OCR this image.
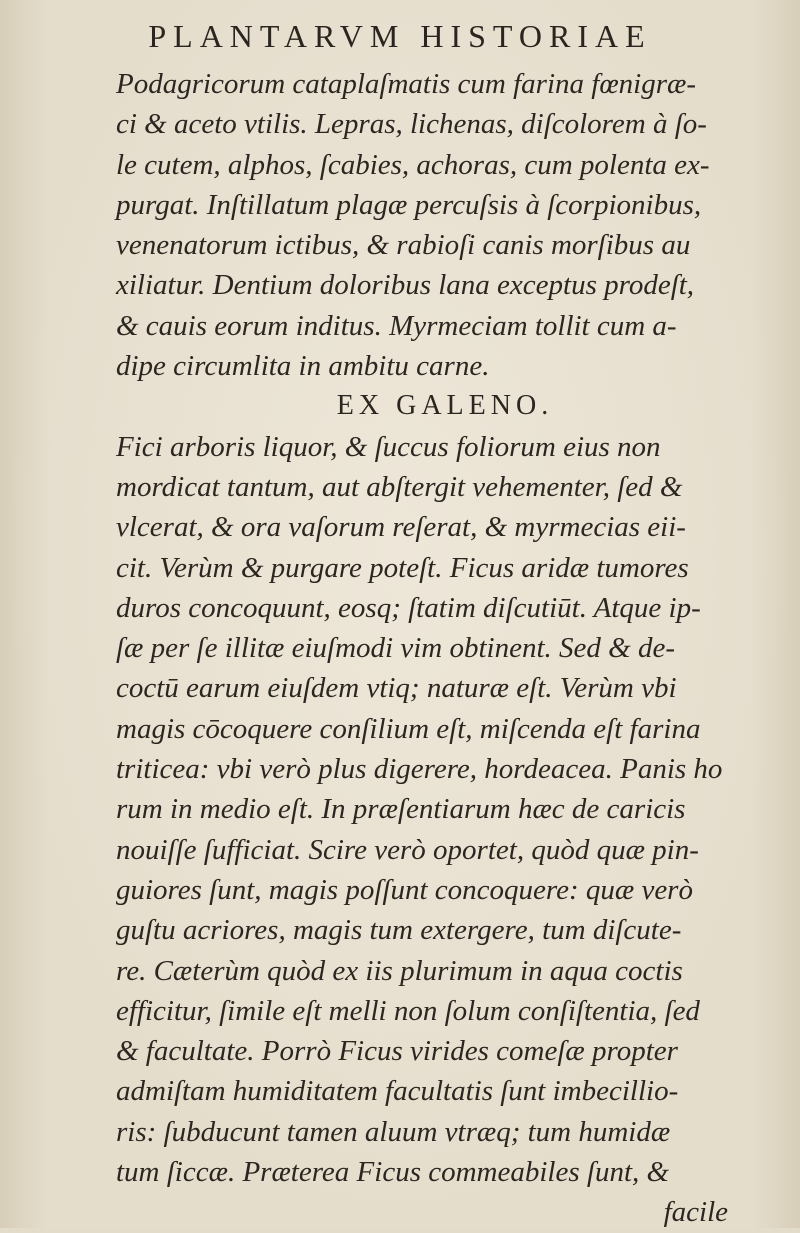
PLANTARVM HISTORIAE
Podagricorum cataplaſmatis cum farina fœnigræ-
ci & aceto vtilis. Lepras, lichenas, diſcolorem à ſo-
le cutem, alphos, ſcabies, achoras, cum polenta ex-
purgat. Inſtillatum plagæ percuſsis à ſcorpionibus,
venenatorum ictibus, & rabioſi canis morſibus au
xiliatur. Dentium doloribus lana exceptus prodeſt,
& cauis eorum inditus. Myrmeciam tollit cum a-
dipe circumlita in ambitu carne.
EX GALENO.
Fici arboris liquor, & ſuccus foliorum eius non
mordicat tantum, aut abſtergit vehementer, ſed &
vlcerat, & ora vaſorum reſerat, & myrmecias eii-
cit. Verùm & purgare poteſt. Ficus aridæ tumores
duros concoquunt, eosq; ſtatim diſcutiūt. Atque ip-
ſæ per ſe illitæ eiuſmodi vim obtinent. Sed & de-
coctū earum eiuſdem vtiq; naturæ eſt. Verùm vbi
magis cōcoquere conſilium eſt, miſcenda eſt farina
triticea: vbi verò plus digerere, hordeacea. Panis ho
rum in medio eſt. In præſentiarum hæc de caricis
nouiſſe ſufficiat. Scire verò oportet, quòd quæ pin-
guiores ſunt, magis poſſunt concoquere: quæ verò
guſtu acriores, magis tum extergere, tum diſcute-
re. Cæterùm quòd ex iis plurimum in aqua coctis
efficitur, ſimile eſt melli non ſolum conſiſtentia, ſed
& facultate. Porrò Ficus virides comeſæ propter
admiſtam humiditatem facultatis ſunt imbecillio-
ris: ſubducunt tamen aluum vtræq; tum humidæ
tum ſiccæ. Præterea Ficus commeabiles ſunt, &
facile
